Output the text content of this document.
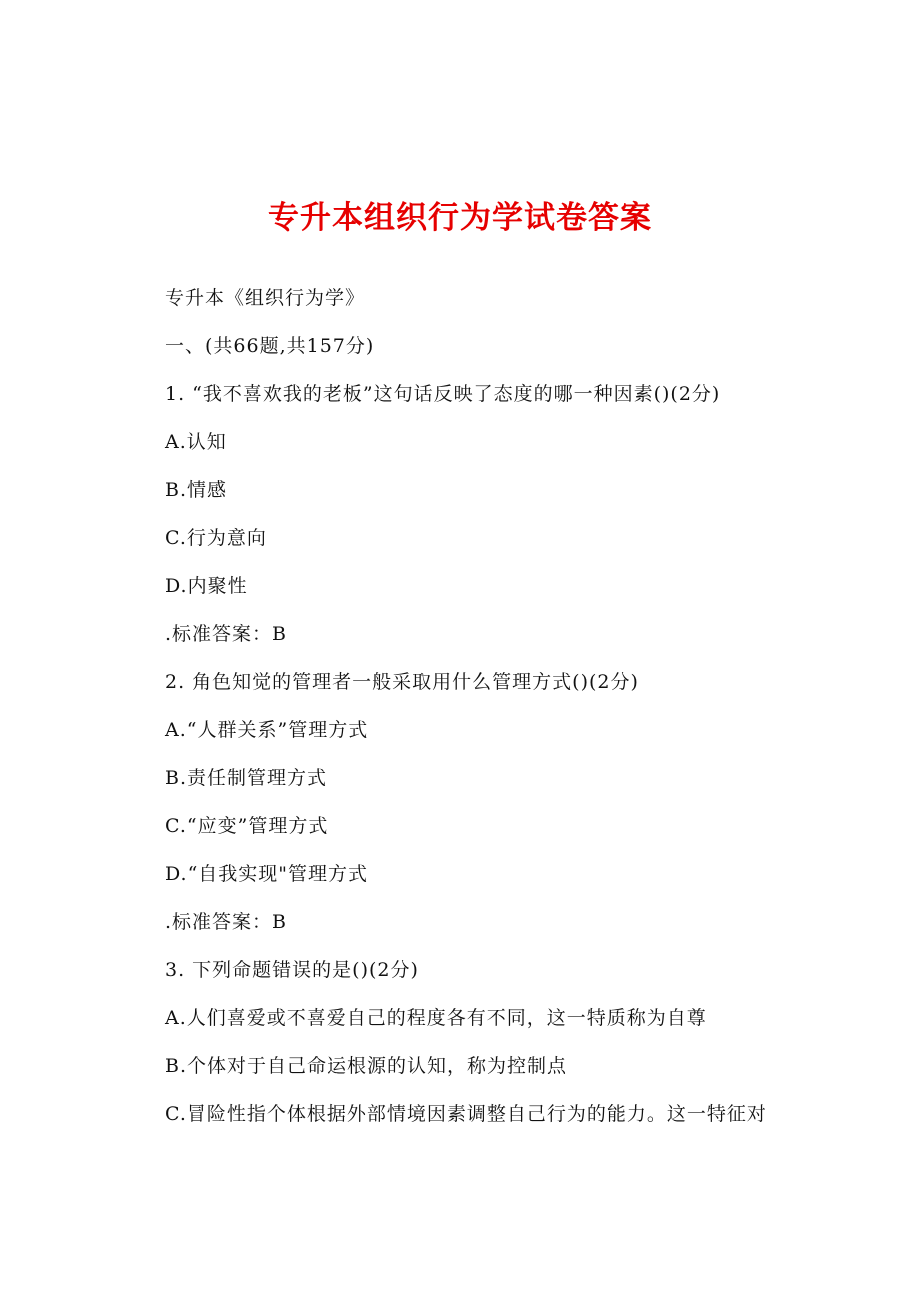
专升本组织行为学试卷答案
专升本《组织行为学》
一、(共66题,共157分)
1. “我不喜欢我的老板”这句话反映了态度的哪一种因素()(2分)
A.认知
B.情感
C.行为意向
D.内聚性
.标准答案：B
2. 角色知觉的管理者一般采取用什么管理方式()(2分)
A.“人群关系”管理方式
B.责任制管理方式
C.“应变”管理方式
D.“自我实现"管理方式
.标准答案：B
3. 下列命题错误的是()(2分)
A.人们喜爱或不喜爱自己的程度各有不同，这一特质称为自尊
B.个体对于自己命运根源的认知，称为控制点
C.冒险性指个体根据外部情境因素调整自己行为的能力。这一特征对
